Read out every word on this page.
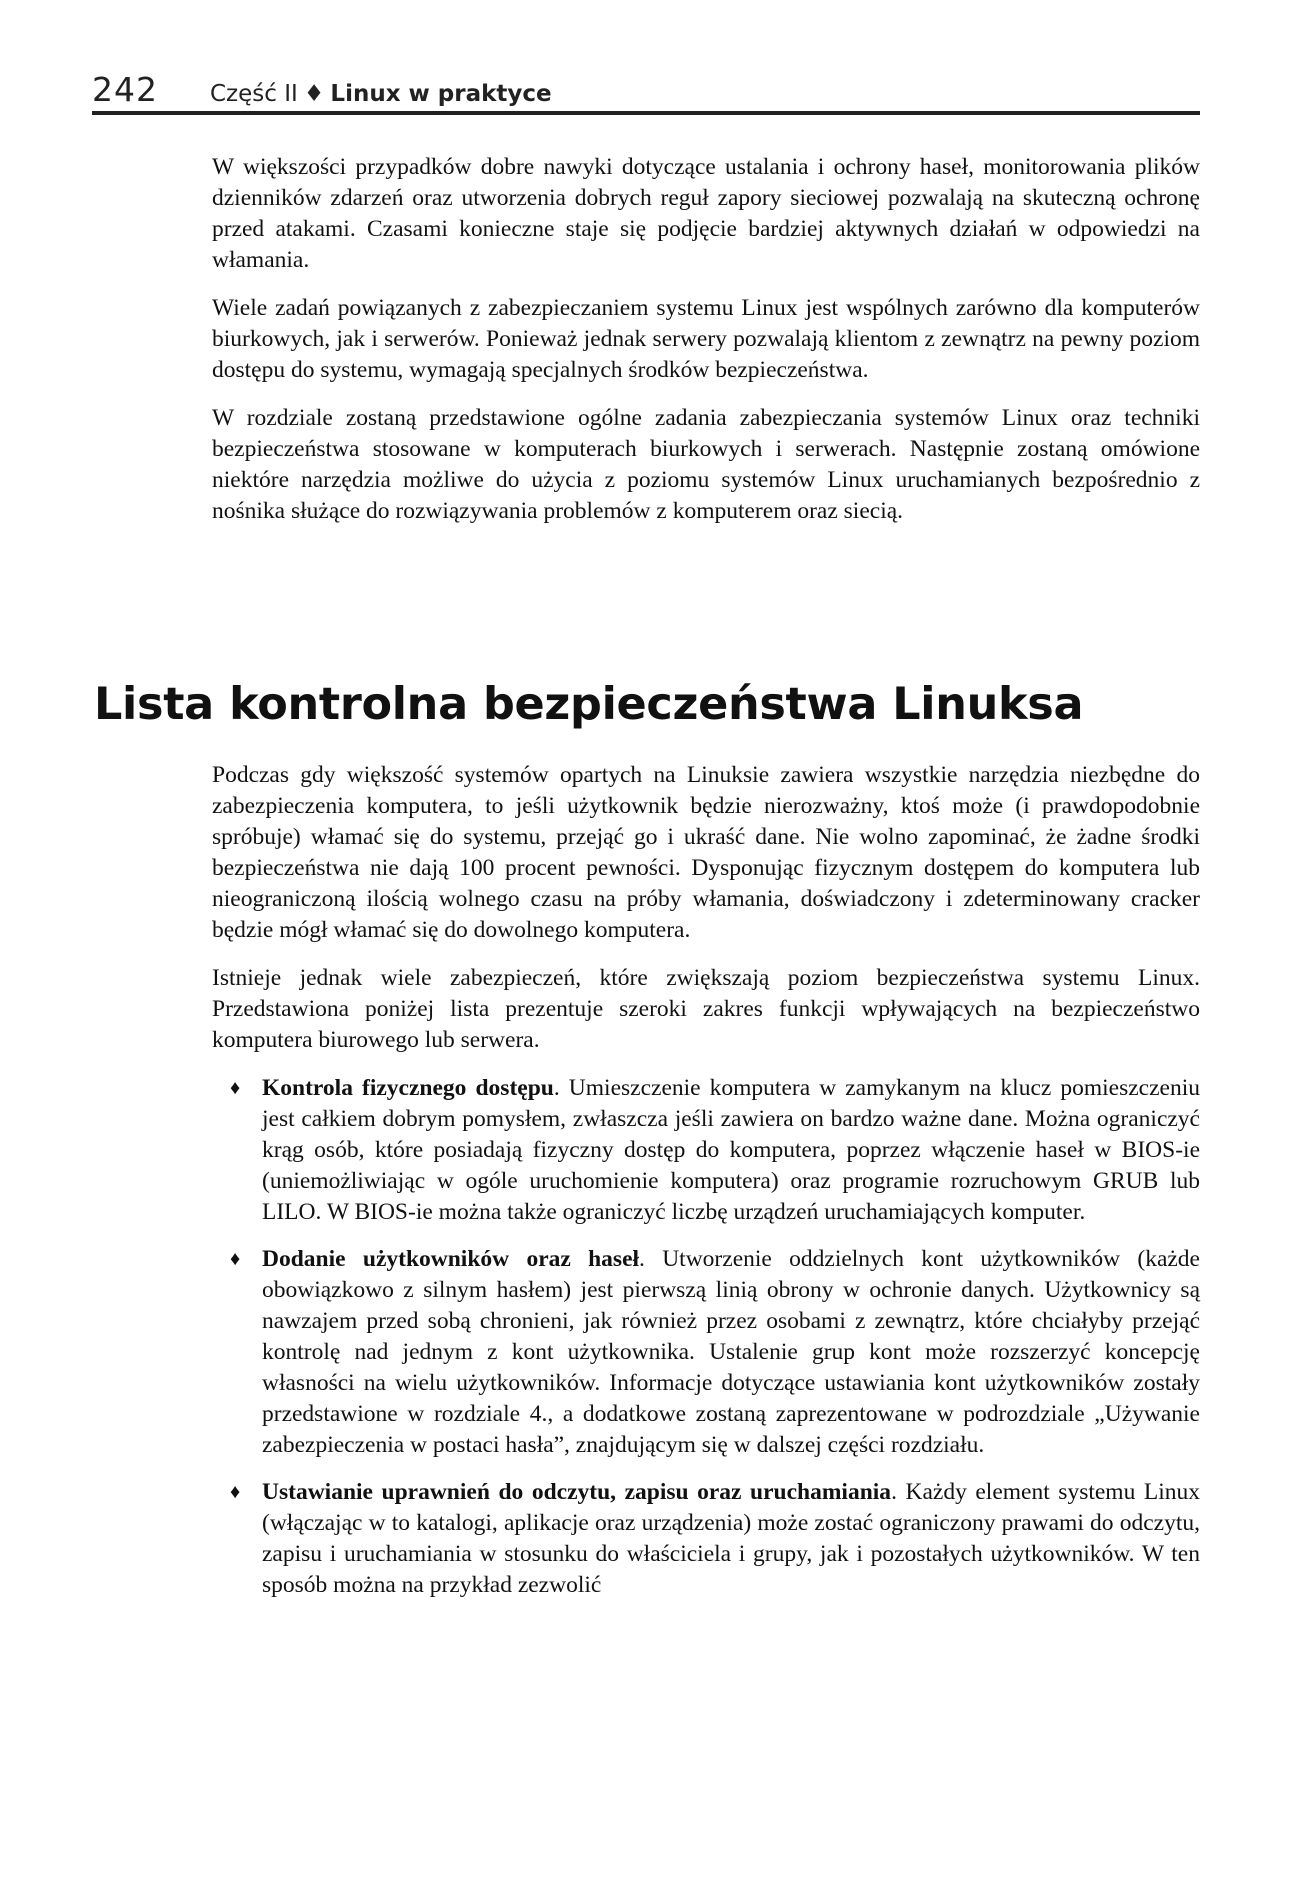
242 Część II ♦ Linux w praktyce

W większości przypadków dobre nawyki dotyczące ustalania i ochrony haseł, monitorowania plików dzienników zdarzeń oraz utworzenia dobrych reguł zapory sieciowej pozwalają na skuteczną ochronę przed atakami. Czasami konieczne staje się podjęcie bardziej aktywnych działań w odpowiedzi na włamania.

Wiele zadań powiązanych z zabezpieczaniem systemu Linux jest wspólnych zarówno dla komputerów biurkowych, jak i serwerów. Ponieważ jednak serwery pozwalają klientom z zewnątrz na pewny poziom dostępu do systemu, wymagają specjalnych środków bezpieczeństwa.

W rozdziale zostaną przedstawione ogólne zadania zabezpieczania systemów Linux oraz techniki bezpieczeństwa stosowane w komputerach biurkowych i serwerach. Następnie zostaną omówione niektóre narzędzia możliwe do użycia z poziomu systemów Linux uruchamianych bezpośrednio z nośnika służące do rozwiązywania problemów z komputerem oraz siecią.

Lista kontrolna bezpieczeństwa Linuksa

Podczas gdy większość systemów opartych na Linuksie zawiera wszystkie narzędzia niezbędne do zabezpieczenia komputera, to jeśli użytkownik będzie nierozważny, ktoś może (i prawdopodobnie spróbuje) włamać się do systemu, przejąć go i ukraść dane. Nie wolno zapominać, że żadne środki bezpieczeństwa nie dają 100 procent pewności. Dysponując fizycznym dostępem do komputera lub nieograniczoną ilością wolnego czasu na próby włamania, doświadczony i zdeterminowany cracker będzie mógł włamać się do dowolnego komputera.

Istnieje jednak wiele zabezpieczeń, które zwiększają poziom bezpieczeństwa systemu Linux. Przedstawiona poniżej lista prezentuje szeroki zakres funkcji wpływających na bezpieczeństwo komputera biurowego lub serwera.

♦ Kontrola fizycznego dostępu. Umieszczenie komputera w zamykanym na klucz pomieszczeniu jest całkiem dobrym pomysłem, zwłaszcza jeśli zawiera on bardzo ważne dane. Można ograniczyć krąg osób, które posiadają fizyczny dostęp do komputera, poprzez włączenie haseł w BIOS-ie (uniemożliwiając w ogóle uruchomienie komputera) oraz programie rozruchowym GRUB lub LILO. W BIOS-ie można także ograniczyć liczbę urządzeń uruchamiających komputer.
♦ Dodanie użytkowników oraz haseł. Utworzenie oddzielnych kont użytkowników (każde obowiązkowo z silnym hasłem) jest pierwszą linią obrony w ochronie danych. Użytkownicy są nawzajem przed sobą chronieni, jak również przez osobami z zewnątrz, które chciałyby przejąć kontrolę nad jednym z kont użytkownika. Ustalenie grup kont może rozszerzyć koncepcję własności na wielu użytkowników. Informacje dotyczące ustawiania kont użytkowników zostały przedstawione w rozdziale 4., a dodatkowe zostaną zaprezentowane w podrozdziale „Używanie zabezpieczenia w postaci hasła”, znajdującym się w dalszej części rozdziału.
♦ Ustawianie uprawnień do odczytu, zapisu oraz uruchamiania. Każdy element systemu Linux (włączając w to katalogi, aplikacje oraz urządzenia) może zostać ograniczony prawami do odczytu, zapisu i uruchamiania w stosunku do właściciela i grupy, jak i pozostałych użytkowników. W ten sposób można na przykład zezwolić
